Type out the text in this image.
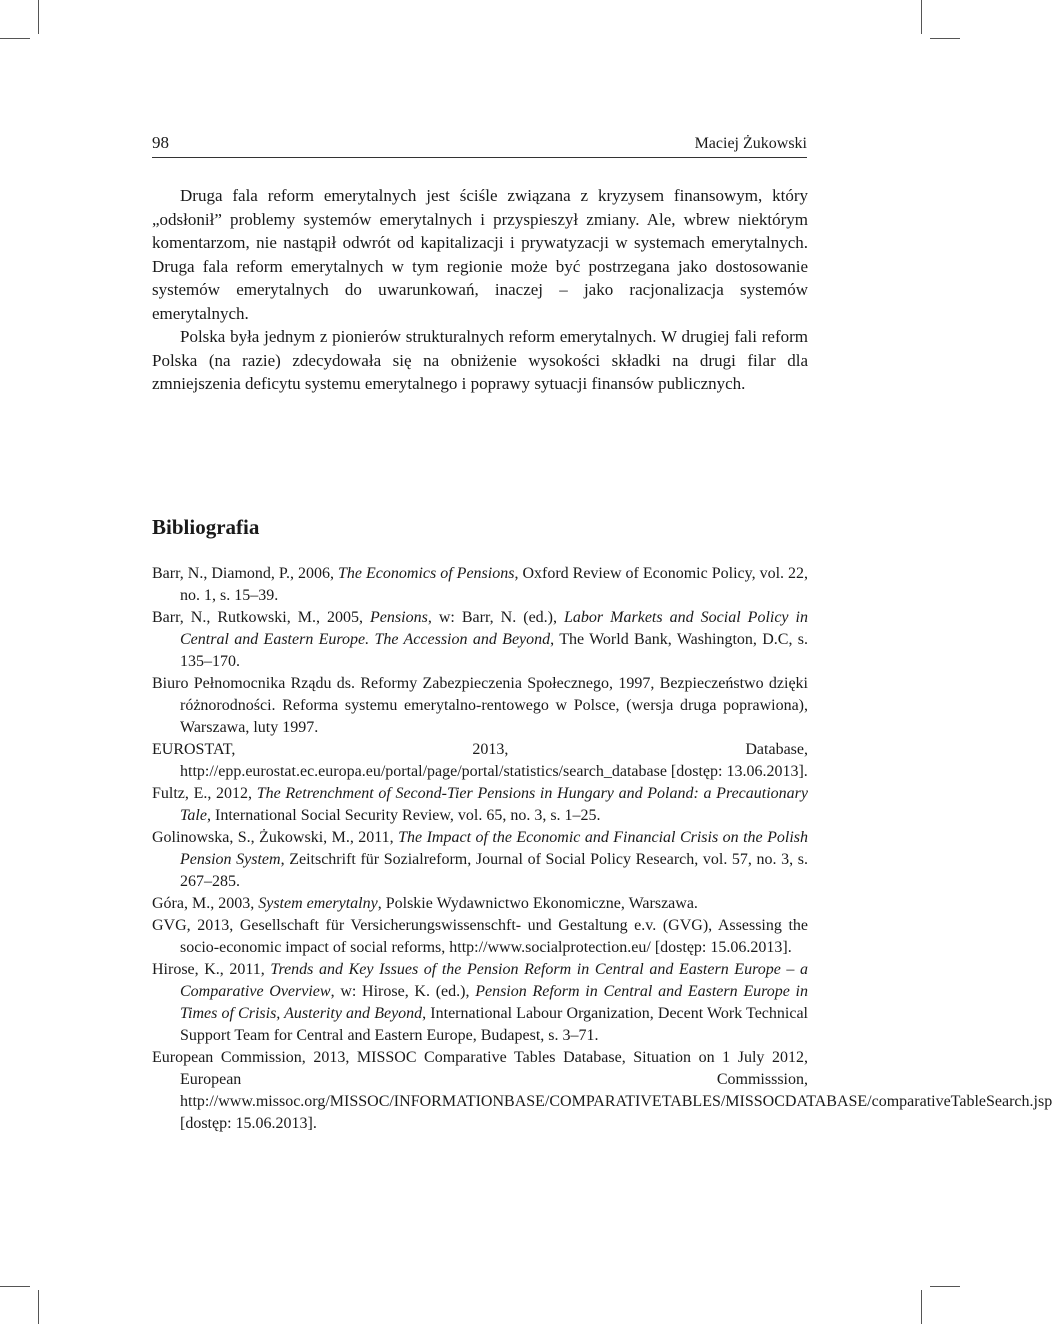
98	Maciej Żukowski

Druga fala reform emerytalnych jest ściśle związana z kryzysem finansowym, który „odsłonił” problemy systemów emerytalnych i przyspieszył zmiany. Ale, wbrew niektórym komentarzom, nie nastąpił odwrót od kapitalizacji i prywatyzacji w systemach emerytalnych. Druga fala reform emerytalnych w tym regionie może być postrzegana jako dostosowanie systemów emerytalnych do uwarunkowań, inaczej – jako racjonalizacja systemów emerytalnych.

Polska była jednym z pionierów strukturalnych reform emerytalnych. W drugiej fali reform Polska (na razie) zdecydowała się na obniżenie wysokości składki na drugi filar dla zmniejszenia deficytu systemu emerytalnego i poprawy sytuacji finansów publicznych.

Bibliografia
Barr, N., Diamond, P., 2006, The Economics of Pensions, Oxford Review of Economic Policy, vol. 22, no. 1, s. 15–39.
Barr, N., Rutkowski, M., 2005, Pensions, w: Barr, N. (ed.), Labor Markets and Social Policy in Central and Eastern Europe. The Accession and Beyond, The World Bank, Washington, D.C, s. 135–170.
Biuro Pełnomocnika Rządu ds. Reformy Zabezpieczenia Społecznego, 1997, Bezpieczeństwo dzięki różnorodności. Reforma systemu emerytalno-rentowego w Polsce, (wersja druga poprawiona), Warszawa, luty 1997.
EUROSTAT, 2013, Database, http://epp.eurostat.ec.europa.eu/portal/page/portal/statistics/search_database [dostęp: 13.06.2013].
Fultz, E., 2012, The Retrenchment of Second-Tier Pensions in Hungary and Poland: a Precautionary Tale, International Social Security Review, vol. 65, no. 3, s. 1–25.
Golinowska, S., Żukowski, M., 2011, The Impact of the Economic and Financial Crisis on the Polish Pension System, Zeitschrift für Sozialreform, Journal of Social Policy Research, vol. 57, no. 3, s. 267–285.
Góra, M., 2003, System emerytalny, Polskie Wydawnictwo Ekonomiczne, Warszawa.
GVG, 2013, Gesellschaft für Versicherungswissenschft- und Gestaltung e.v. (GVG), Assessing the socio-economic impact of social reforms, http://www.socialprotection.eu/ [dostęp: 15.06.2013].
Hirose, K., 2011, Trends and Key Issues of the Pension Reform in Central and Eastern Europe – a Comparative Overview, w: Hirose, K. (ed.), Pension Reform in Central and Eastern Europe in Times of Crisis, Austerity and Beyond, International Labour Organization, Decent Work Technical Support Team for Central and Eastern Europe, Budapest, s. 3–71.
European Commission, 2013, MISSOC Comparative Tables Database, Situation on 1 July 2012, European Commisssion, http://www.missoc.org/MISSOC/INFORMATIONBASE/COMPARATIVETABLES/MISSOCDATABASE/comparativeTableSearch.jsp [dostęp: 15.06.2013].
